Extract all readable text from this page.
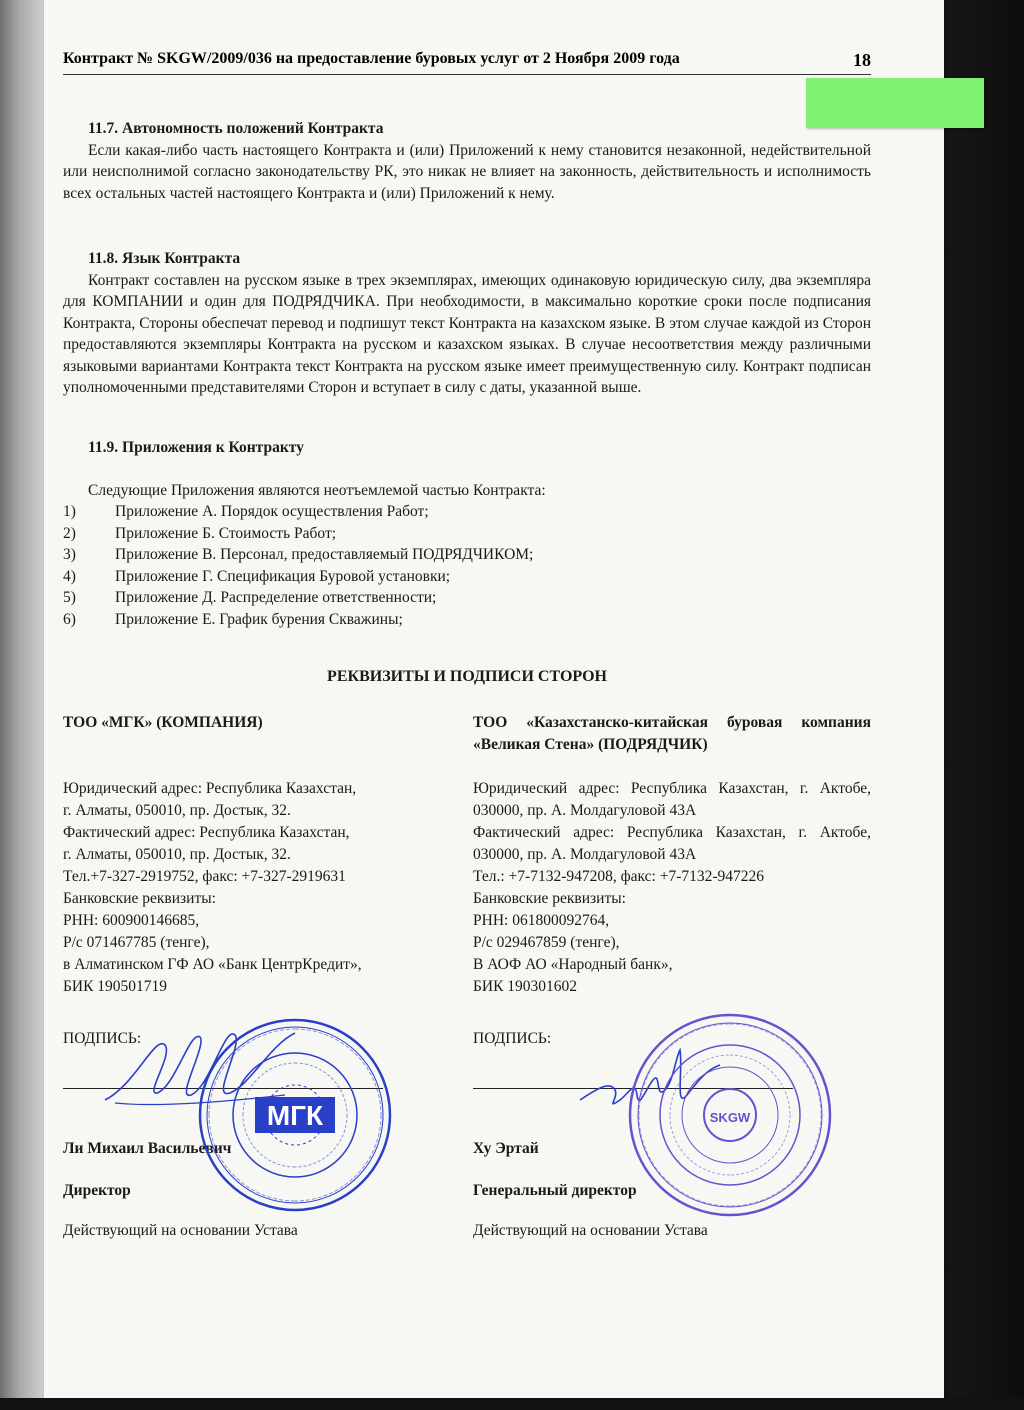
Контракт № SKGW/2009/036 на предоставление буровых услуг от 2 Ноября 2009 года	18
11.7. Автономность положений Контракта

Если какая-либо часть настоящего Контракта и (или) Приложений к нему становится незаконной, недействительной или неисполнимой согласно законодательству РК, это никак не влияет на законность, действительность и исполнимость всех остальных частей настоящего Контракта и (или) Приложений к нему.

11.8. Язык Контракта

Контракт составлен на русском языке в трех экземплярах, имеющих одинаковую юридическую силу, два экземпляра для КОМПАНИИ и один для ПОДРЯДЧИКА. При необходимости, в максимально короткие сроки после подписания Контракта, Стороны обеспечат перевод и подпишут текст Контракта на казахском языке. В этом случае каждой из Сторон предоставляются экземпляры Контракта на русском и казахском языках. В случае несоответствия между различными языковыми вариантами Контракта текст Контракта на русском языке имеет преимущественную силу. Контракт подписан уполномоченными представителями Сторон и вступает в силу с даты, указанной выше.

11.9. Приложения к Контракту

Следующие Приложения являются неотъемлемой частью Контракта:

1)	Приложение А. Порядок осуществления Работ;
2)	Приложение Б. Стоимость Работ;
3)	Приложение В. Персонал, предоставляемый ПОДРЯДЧИКОМ;
4)	Приложение Г. Спецификация Буровой установки;
5)	Приложение Д. Распределение ответственности;
6)	Приложение Е. График бурения Скважины;
РЕКВИЗИТЫ И ПОДПИСИ СТОРОН
ТОО «МГК» (КОМПАНИЯ)
Юридический адрес: Республика Казахстан,
г. Алматы, 050010, пр. Достык, 32.
Фактический адрес: Республика Казахстан,
г. Алматы, 050010, пр. Достык, 32.
Тел.+7-327-2919752, факс: +7-327-2919631
Банковские реквизиты:
РНН: 600900146685,
Р/с 071467785 (тенге),
в Алматинском ГФ АО «Банк ЦентрКредит»,
БИК 190501719
ПОДПИСЬ:
Ли Михаил Васильевич
Директор
Действующий на основании Устава
ТОО «Казахстанско-китайская буровая компания «Великая Стена» (ПОДРЯДЧИК)
Юридический адрес: Республика Казахстан, г. Актобе, 030000, пр. А. Молдагуловой 43А
Фактический адрес: Республика Казахстан, г. Актобе, 030000, пр. А. Молдагуловой 43А
Тел.: +7-7132-947208, факс: +7-7132-947226
Банковские реквизиты:
РНН: 061800092764,
Р/с 029467859 (тенге),
В АОФ АО «Народный банк»,
БИК 190301602
ПОДПИСЬ:
Ху Эртай
Генеральный директор
Действующий на основании Устава
МГК	SKGW
